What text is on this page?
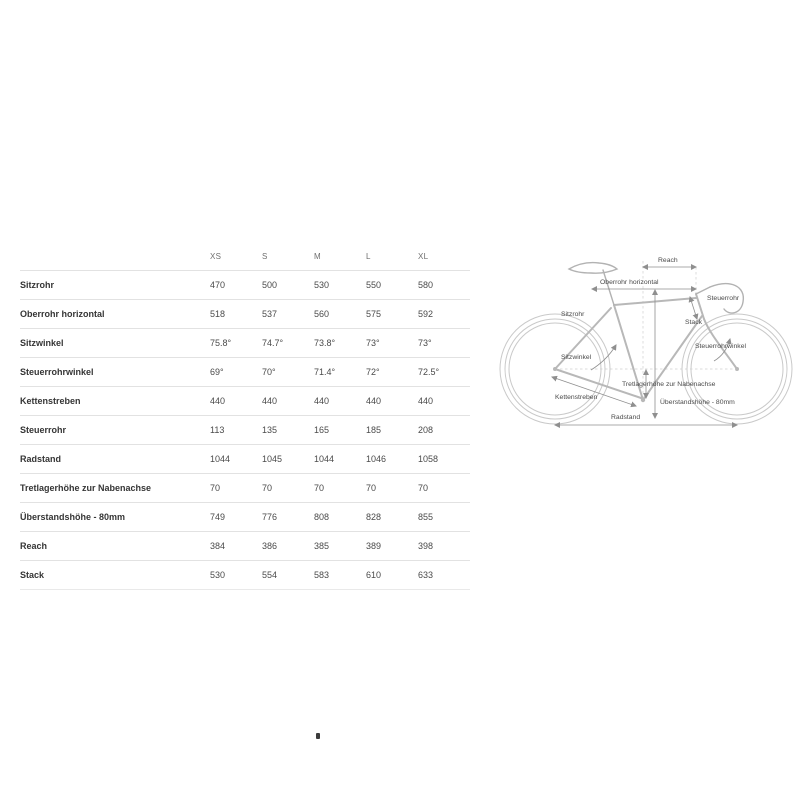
	XS	S	M	L	XL
Sitzrohr	470	500	530	550	580
Oberrohr horizontal	518	537	560	575	592
Sitzwinkel	75.8°	74.7°	73.8°	73°	73°
Steuerrohrwinkel	69°	70°	71.4°	72°	72.5°
Kettenstreben	440	440	440	440	440
Steuerrohr	113	135	165	185	208
Radstand	1044	1045	1044	1046	1058
Tretlagerhöhe zur Nabenachse	70	70	70	70	70
Überstandshöhe - 80mm	749	776	808	828	855
Reach	384	386	385	389	398
Stack	530	554	583	610	633
Reach
Oberrohr horizontal
Steuerrohr
Sitzrohr
Stack
Sitzwinkel
Steuerrohrwinkel
Tretlagerhöhe zur Nabenachse
Überstandshöhe - 80mm
Kettenstreben
Radstand
